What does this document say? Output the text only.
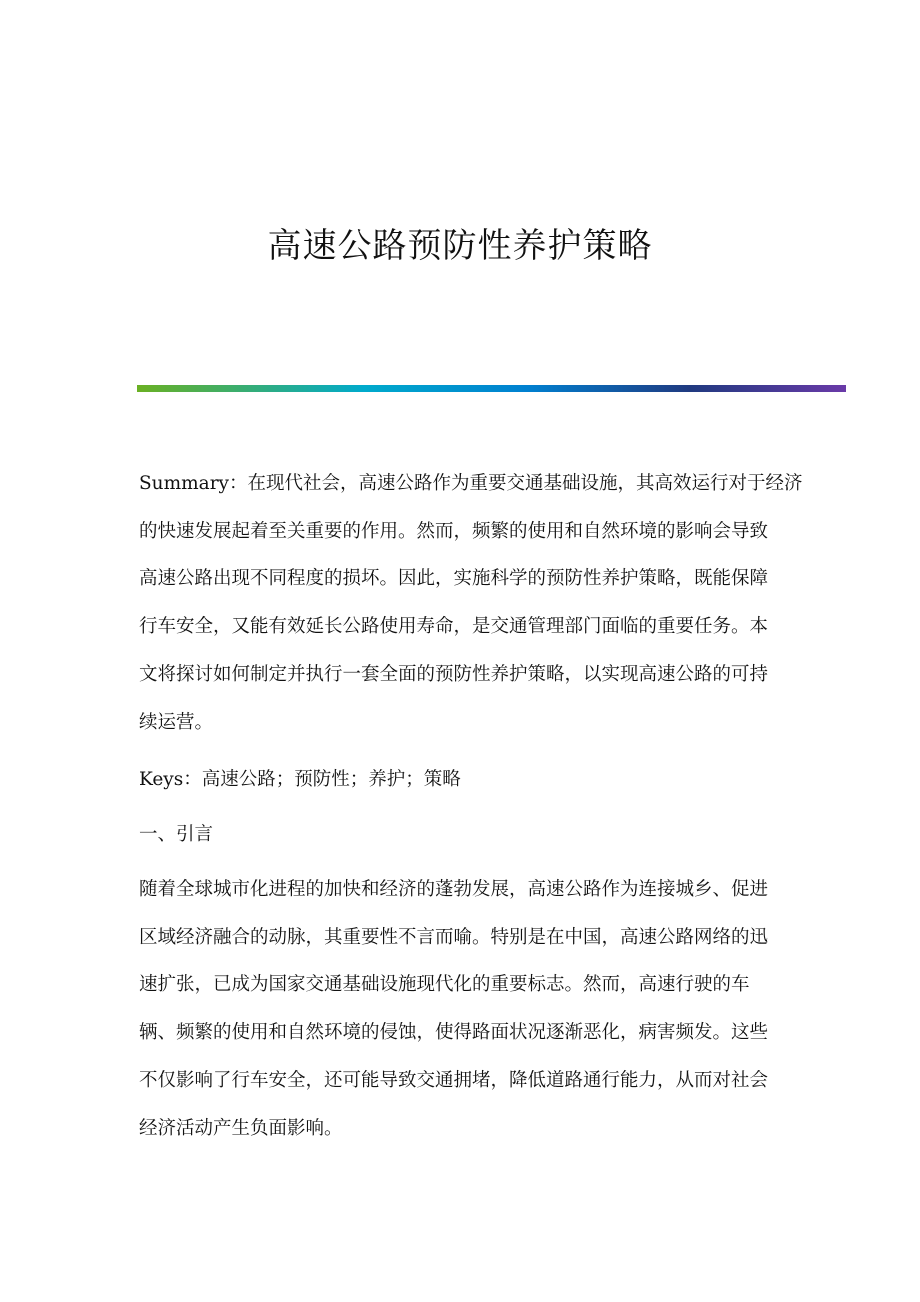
高速公路预防性养护策略
Summary：在现代社会，高速公路作为重要交通基础设施，其高效运行对于经济
的快速发展起着至关重要的作用。然而，频繁的使用和自然环境的影响会导致
高速公路出现不同程度的损坏。因此，实施科学的预防性养护策略，既能保障
行车安全，又能有效延长公路使用寿命，是交通管理部门面临的重要任务。本
文将探讨如何制定并执行一套全面的预防性养护策略，以实现高速公路的可持
续运营。
Keys：高速公路；预防性；养护；策略
一、引言
随着全球城市化进程的加快和经济的蓬勃发展，高速公路作为连接城乡、促进
区域经济融合的动脉，其重要性不言而喻。特别是在中国，高速公路网络的迅
速扩张，已成为国家交通基础设施现代化的重要标志。然而，高速行驶的车
辆、频繁的使用和自然环境的侵蚀，使得路面状况逐渐恶化，病害频发。这些
不仅影响了行车安全，还可能导致交通拥堵，降低道路通行能力，从而对社会
经济活动产生负面影响。
